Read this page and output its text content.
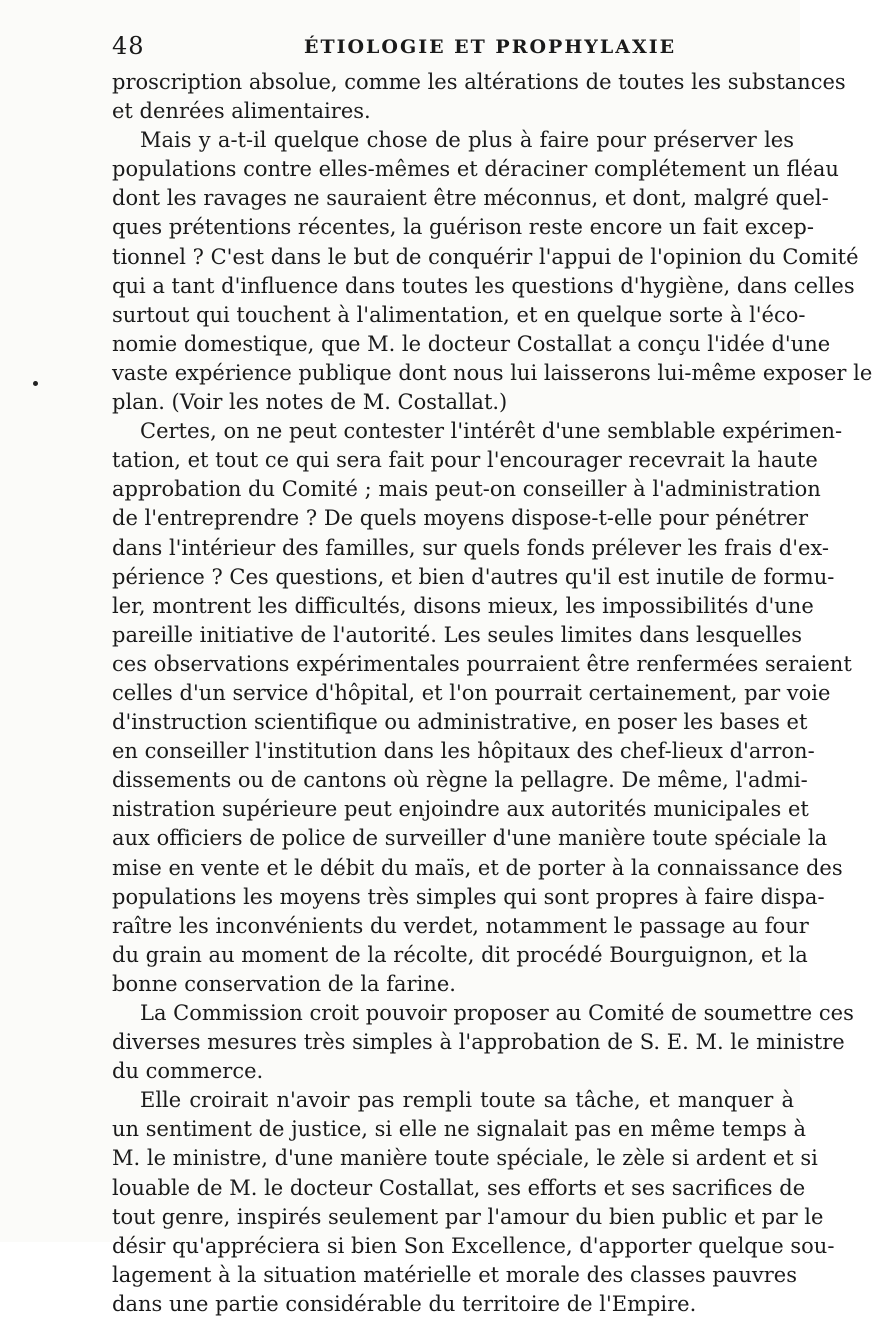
48	ÉTIOLOGIE ET PROPHYLAXIE
proscription absolue, comme les altérations de toutes les substances
et denrées alimentaires.
Mais y a-t-il quelque chose de plus à faire pour préserver les
populations contre elles-mêmes et déraciner complétement un fléau
dont les ravages ne sauraient être méconnus, et dont, malgré quel-
ques prétentions récentes, la guérison reste encore un fait excep-
tionnel ? C'est dans le but de conquérir l'appui de l'opinion du Comité
qui a tant d'influence dans toutes les questions d'hygiène, dans celles
surtout qui touchent à l'alimentation, et en quelque sorte à l'éco-
nomie domestique, que M. le docteur Costallat a conçu l'idée d'une
vaste expérience publique dont nous lui laisserons lui-même exposer le
plan. (Voir les notes de M. Costallat.)
Certes, on ne peut contester l'intérêt d'une semblable expérimen-
tation, et tout ce qui sera fait pour l'encourager recevrait la haute
approbation du Comité ; mais peut-on conseiller à l'administration
de l'entreprendre ? De quels moyens dispose-t-elle pour pénétrer
dans l'intérieur des familles, sur quels fonds prélever les frais d'ex-
périence ? Ces questions, et bien d'autres qu'il est inutile de formu-
ler, montrent les difficultés, disons mieux, les impossibilités d'une
pareille initiative de l'autorité. Les seules limites dans lesquelles
ces observations expérimentales pourraient être renfermées seraient
celles d'un service d'hôpital, et l'on pourrait certainement, par voie
d'instruction scientifique ou administrative, en poser les bases et
en conseiller l'institution dans les hôpitaux des chef-lieux d'arron-
dissements ou de cantons où règne la pellagre. De même, l'admi-
nistration supérieure peut enjoindre aux autorités municipales et
aux officiers de police de surveiller d'une manière toute spéciale la
mise en vente et le débit du maïs, et de porter à la connaissance des
populations les moyens très simples qui sont propres à faire dispa-
raître les inconvénients du verdet, notamment le passage au four
du grain au moment de la récolte, dit procédé Bourguignon, et la
bonne conservation de la farine.
La Commission croit pouvoir proposer au Comité de soumettre ces
diverses mesures très simples à l'approbation de S. E. M. le ministre
du commerce.
Elle croirait n'avoir pas rempli toute sa tâche, et manquer à
un sentiment de justice, si elle ne signalait pas en même temps à
M. le ministre, d'une manière toute spéciale, le zèle si ardent et si
louable de M. le docteur Costallat, ses efforts et ses sacrifices de
tout genre, inspirés seulement par l'amour du bien public et par le
désir qu'appréciera si bien Son Excellence, d'apporter quelque sou-
lagement à la situation matérielle et morale des classes pauvres
dans une partie considérable du territoire de l'Empire.
